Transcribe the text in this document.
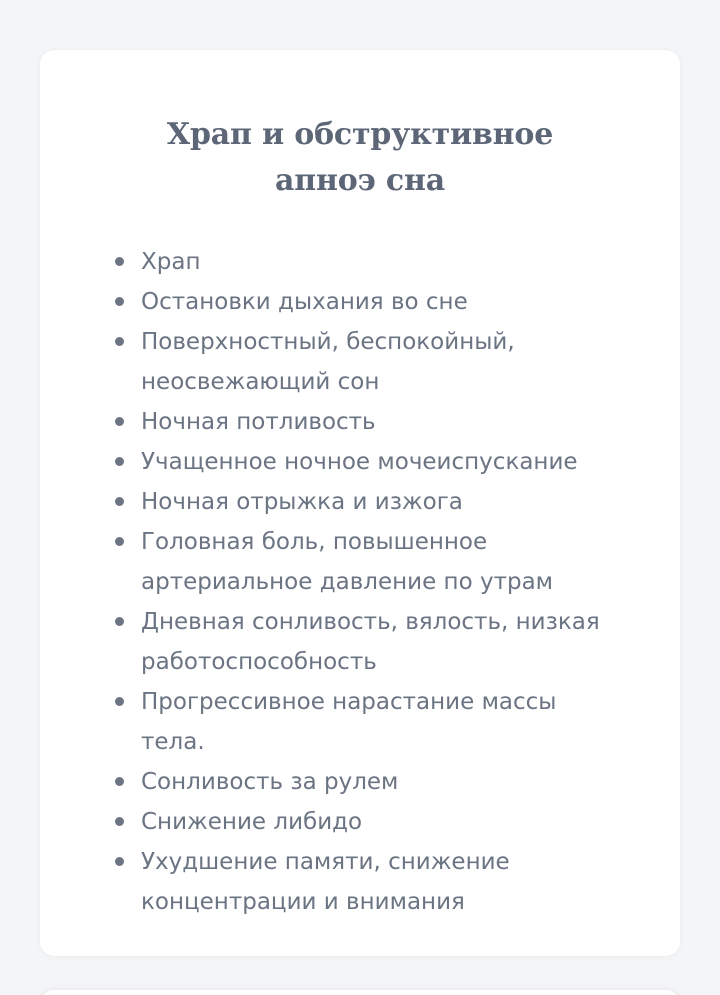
Храп и обструктивное
апноэ сна
Храп
Остановки дыхания во сне
Поверхностный, беспокойный, неосвежающий сон
Ночная потливость
Учащенное ночное мочеиспускание
Ночная отрыжка и изжога
Головная боль, повышенное артериальное давление по утрам
Дневная сонливость, вялость, низкая работоспособность
Прогрессивное нарастание массы тела.
Сонливость за рулем
Снижение либидо
Ухудшение памяти, снижение концентрации и внимания
